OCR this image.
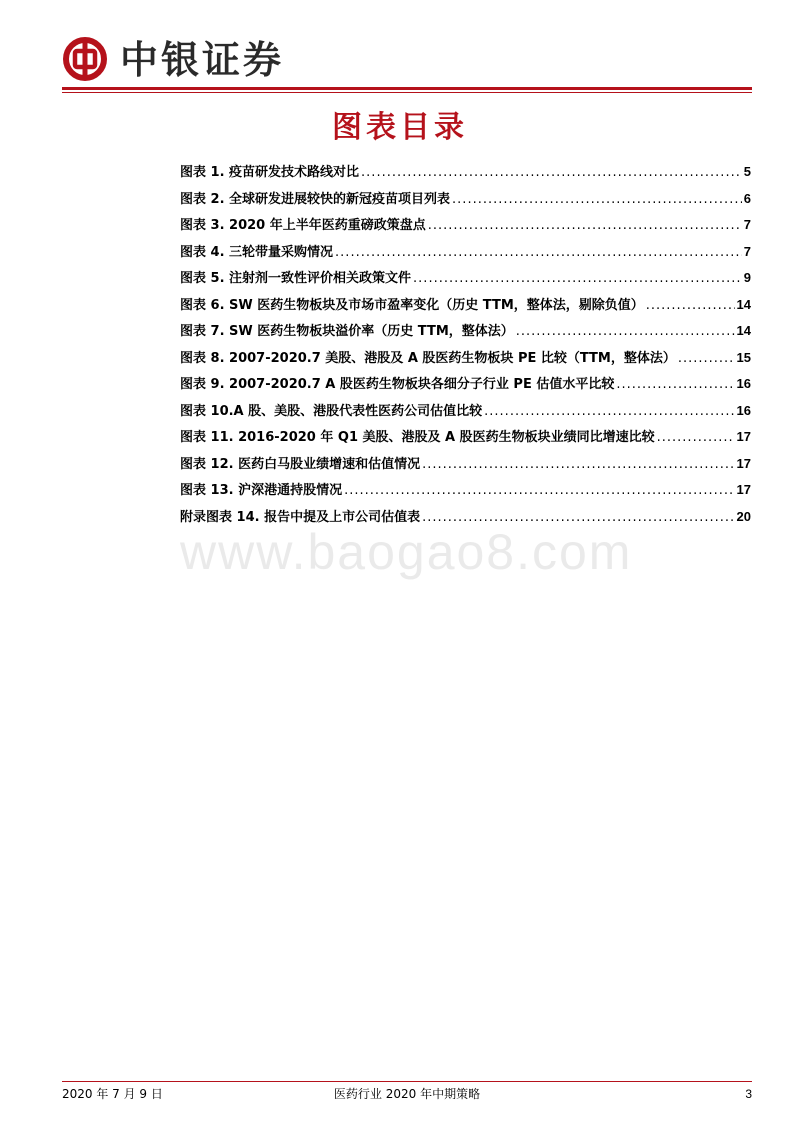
中银证券
图表目录
图表 1. 疫苗研发技术路线对比 .....	5
图表 2. 全球研发进展较快的新冠疫苗项目列表 .....	6
图表 3. 2020 年上半年医药重磅政策盘点 .....	7
图表 4. 三轮带量采购情况 .....	7
图表 5. 注射剂一致性评价相关政策文件 .....	9
图表 6. SW 医药生物板块及市场市盈率变化（历史 TTM，整体法，剔除负值） .....	14
图表 7. SW 医药生物板块溢价率（历史 TTM，整体法） .....	14
图表 8. 2007-2020.7 美股、港股及 A 股医药生物板块 PE 比较（TTM，整体法） .....	15
图表 9. 2007-2020.7 A 股医药生物板块各细分子行业 PE 估值水平比较 .....	16
图表 10.A 股、美股、港股代表性医药公司估值比较 .....	16
图表 11. 2016-2020 年 Q1 美股、港股及 A 股医药生物板块业绩同比增速比较 .....	17
图表 12. 医药白马股业绩增速和估值情况 .....	17
图表 13. 沪深港通持股情况 .....	17
附录图表 14. 报告中提及上市公司估值表 .....	20
www.baogao8.com
2020 年 7 月 9 日	医药行业 2020 年中期策略	3
